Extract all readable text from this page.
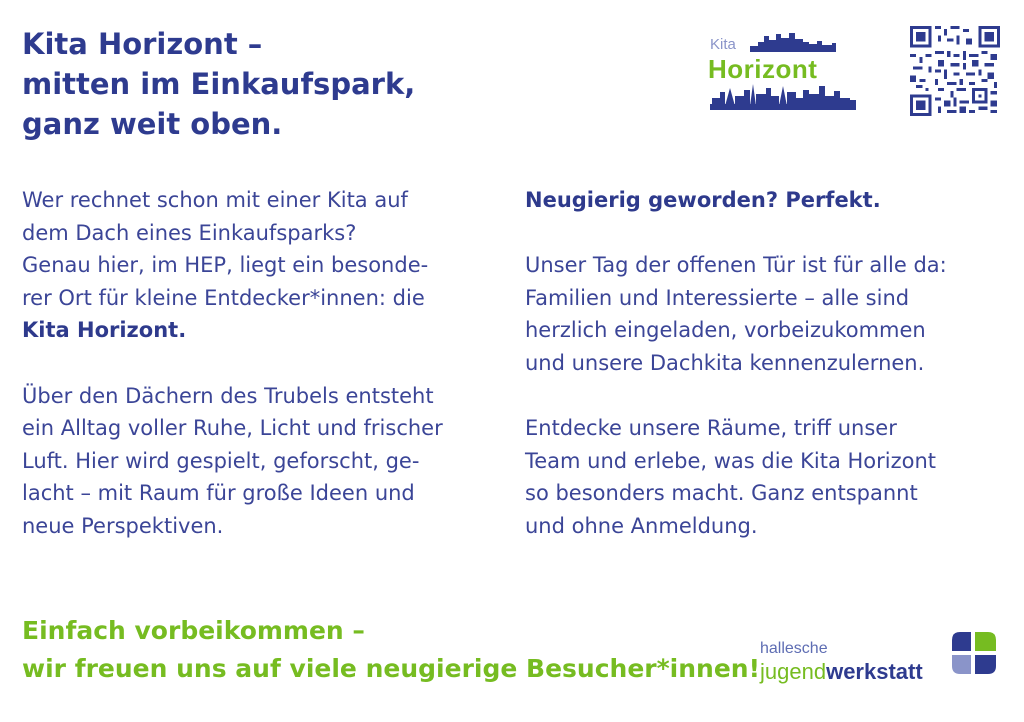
Kita Horizont –
mitten im Einkaufspark,
ganz weit oben.
Kita
Horizont

Wer rechnet schon mit einer Kita auf
dem Dach eines Einkaufsparks?
Genau hier, im HEP, liegt ein besonde-
rer Ort für kleine Entdecker*innen: die
Kita Horizont.

Über den Dächern des Trubels entsteht
ein Alltag voller Ruhe, Licht und frischer
Luft. Hier wird gespielt, geforscht, ge-
lacht – mit Raum für große Ideen und
neue Perspektiven.

Neugierig geworden? Perfekt.

Unser Tag der offenen Tür ist für alle da:
Familien und Interessierte – alle sind
herzlich eingeladen, vorbeizukommen
und unsere Dachkita kennenzulernen.

Entdecke unsere Räume, triff unser
Team und erlebe, was die Kita Horizont
so besonders macht. Ganz entspannt
und ohne Anmeldung.

Einfach vorbeikommen –
wir freuen uns auf viele neugierige Besucher*innen!
hallesche
jugendwerkstatt
